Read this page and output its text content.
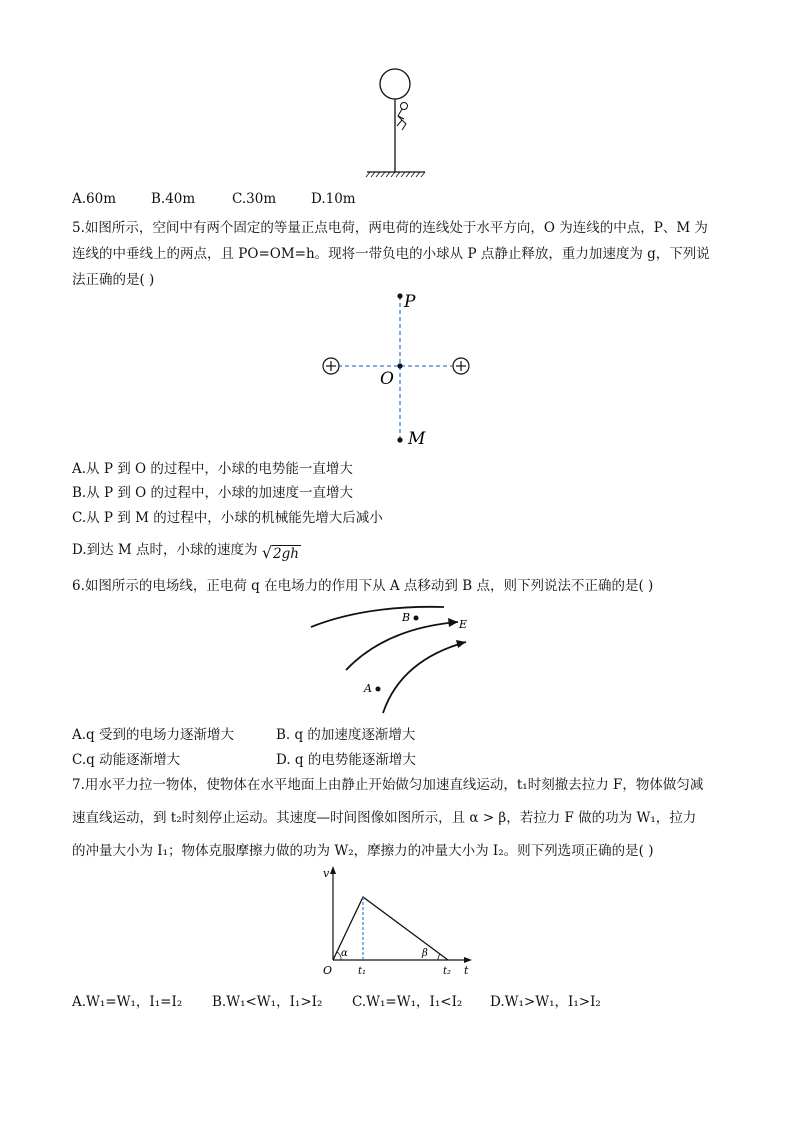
A.60m	B.40m	C.30m	D.10m
5.如图所示，空间中有两个固定的等量正点电荷，两电荷的连线处于水平方向，O 为连线的中点，P、M 为
连线的中垂线上的两点，且 PO=OM=h。现将一带负电的小球从 P 点静止释放，重力加速度为 g，下列说
法正确的是( )
P
O
M
A.从 P 到 O 的过程中，小球的电势能一直增大
B.从 P 到 O 的过程中，小球的加速度一直增大
C.从 P 到 M 的过程中，小球的机械能先增大后减小
D.到达 M 点时，小球的速度为 √2gh
6.如图所示的电场线，正电荷 q 在电场力的作用下从 A 点移动到 B 点，则下列说法不正确的是( )
B
A
E
A.q 受到的电场力逐渐增大	B. q 的加速度逐渐增大
C.q 动能逐渐增大	D. q 的电势能逐渐增大
7.用水平力拉一物体，使物体在水平地面上由静止开始做匀加速直线运动，t₁时刻撤去拉力 F，物体做匀减
速直线运动，到 t₂时刻停止运动。其速度—时间图像如图所示，且 α > β，若拉力 F 做的功为 W₁，拉力
的冲量大小为 I₁；物体克服摩擦力做的功为 W₂，摩擦力的冲量大小为 I₂。则下列选项正确的是( )
v
t
O	t₁	t₂
α	β
A.W₁=W₁，I₁=I₂ B.W₁<W₁，I₁>I₂ C.W₁=W₁，I₁<I₂ D.W₁>W₁，I₁>I₂
